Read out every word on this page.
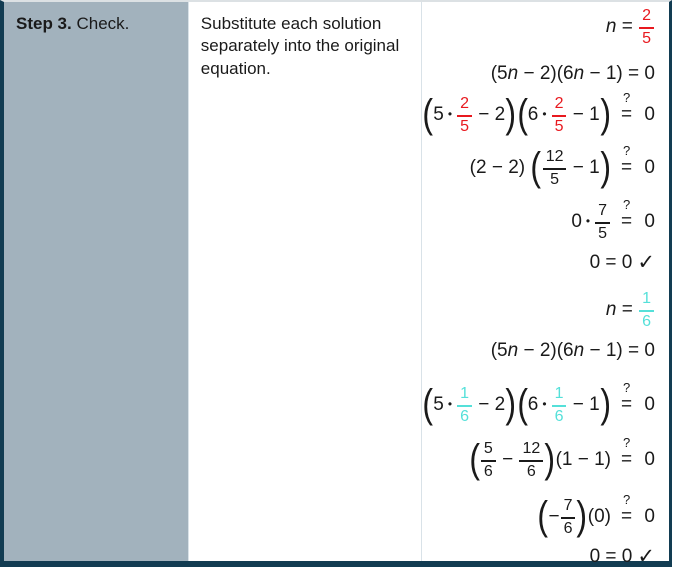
Step 3. Check.	Substitute each solution separately into the original equation.

$n = \frac{2}{5}$
(5 n − 2)(6 n − 1) = 0
( 5 • $\frac{2}{5} - 2$ ) ( 6 • $\frac{2}{5} - 1$ ) ?
= 0
(2 − 2) ( $\frac{12}{5} - 1$ ) ?
= 0
0 • $\frac{7}{5}$ ?
= 0
0 = 0 ✓
$n = \frac{1}{6}$
(5 n − 2)(6 n − 1) = 0
( 5 • $\frac{1}{6} - 2$ ) ( 6 • $\frac{1}{6} - 1$ ) ?
= 0
( $\frac{5}{6} - \frac{12}{6}$ ) (1 − 1)
?
= 0
( − $\frac{7}{6}$ ) (0)
?
= 0
0 = 0 ✓
